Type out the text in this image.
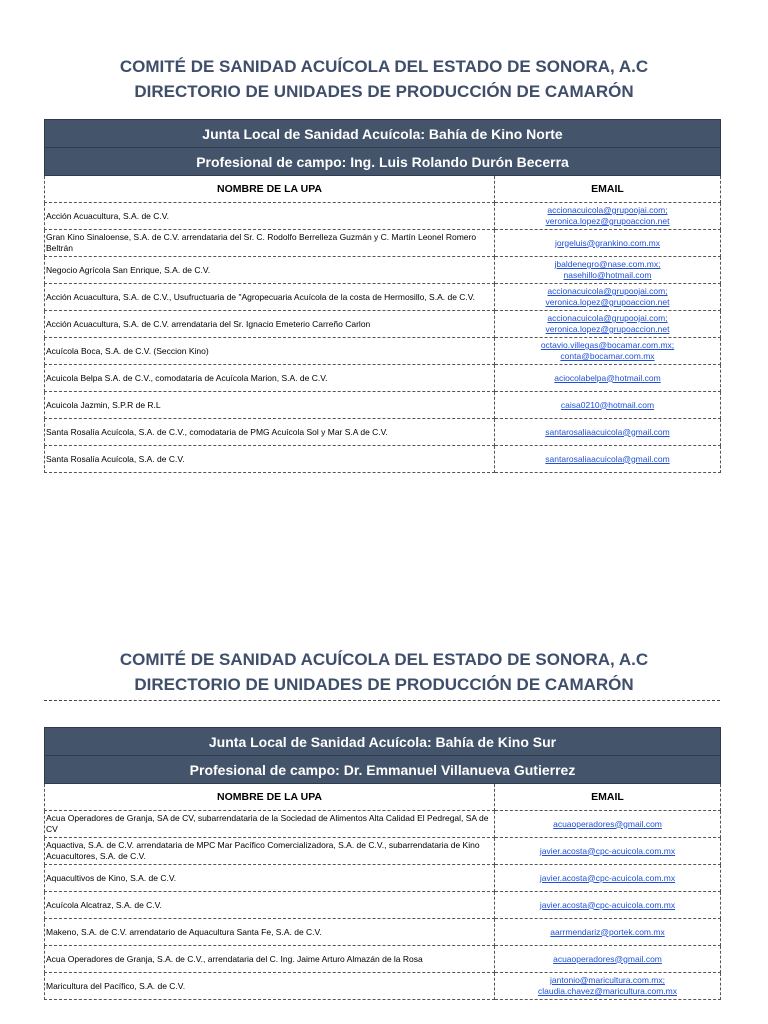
COMITÉ DE SANIDAD ACUÍCOLA DEL ESTADO DE SONORA, A.C
DIRECTORIO DE UNIDADES DE PRODUCCIÓN DE CAMARÓN
Junta Local de Sanidad Acuícola: Bahía de Kino Norte	
Profesional de campo: Ing. Luis Rolando Durón Becerra	
NOMBRE DE LA UPA	EMAIL
Acción Acuacultura, S.A. de C.V.	accionacuicola@grupoojai.com;
veronica.lopez@grupoaccion.net

Gran Kino Sinaloense, S.A. de C.V. arrendataria del Sr. C. Rodolfo Berrelleza Guzmán y C. Martín Leonel Romero Beltrán	jorgeluis@grankino.com.mx

Negocio Agrícola San Enrique, S.A. de C.V.	jbaldenegro@nase.com.mx;
nasehillo@hotmail.com

Acción Acuacultura, S.A. de C.V., Usufructuaria de "Agropecuaria Acuícola de la costa de Hermosillo, S.A. de C.V.	accionacuicola@grupoojai.com;
veronica.lopez@grupoaccion.net

Acción Acuacultura, S.A. de C.V. arrendataria del Sr. Ignacio Emeterio Carreño Carlon	accionacuicola@grupoojai.com;
veronica.lopez@grupoaccion.net

Acuícola Boca, S.A. de C.V. (Seccion Kino)	octavio.villegas@bocamar.com.mx;
conta@bocamar.com.mx

Acuicola Belpa S.A. de C.V., comodataria de Acuícola Marion, S.A. de C.V.	aciocolabelpa@hotmail.com

Acuicola Jazmin, S.P.R de R.L	caisa0210@hotmail.com

Santa Rosalía Acuícola, S.A. de C.V., comodataria de PMG Acuícola Sol y Mar S.A de C.V.	santarosaliaacuicola@gmail.com

Santa Rosalía Acuícola, S.A. de C.V.	santarosaliaacuicola@gmail.com
COMITÉ DE SANIDAD ACUÍCOLA DEL ESTADO DE SONORA, A.C
DIRECTORIO DE UNIDADES DE PRODUCCIÓN DE CAMARÓN
Junta Local de Sanidad Acuícola: Bahía de Kino Sur	
Profesional de campo: Dr. Emmanuel Villanueva Gutierrez	
NOMBRE DE LA UPA	EMAIL
Acua Operadores de Granja, SA de CV, subarrendataria de la Sociedad de Alimentos Alta Calidad El Pedregal, SA de CV	acuaoperadores@gmail.com

Aquactiva, S.A. de C.V. arrendataria de MPC Mar Pacífico Comercializadora, S.A. de C.V., subarrendataria de Kino Acuacultores, S.A. de C.V.	javier.acosta@cpc-acuicola.com.mx

Aquacultivos de Kino, S.A. de C.V.	javier.acosta@cpc-acuicola.com.mx

Acuícola Alcatraz, S.A. de C.V.	javier.acosta@cpc-acuicola.com.mx

Makeno, S.A. de C.V. arrendatario de Aquacultura Santa Fe, S.A. de C.V.	aarrmendariz@portek.com.mx

Acua Operadores de Granja, S.A. de C.V., arrendataria del C. Ing. Jaime Arturo Almazán de la Rosa	acuaoperadores@gmail.com

Maricultura del Pacífico, S.A. de C.V.	jantonio@maricultura.com.mx;
claudia.chavez@maricultura.com.mx
